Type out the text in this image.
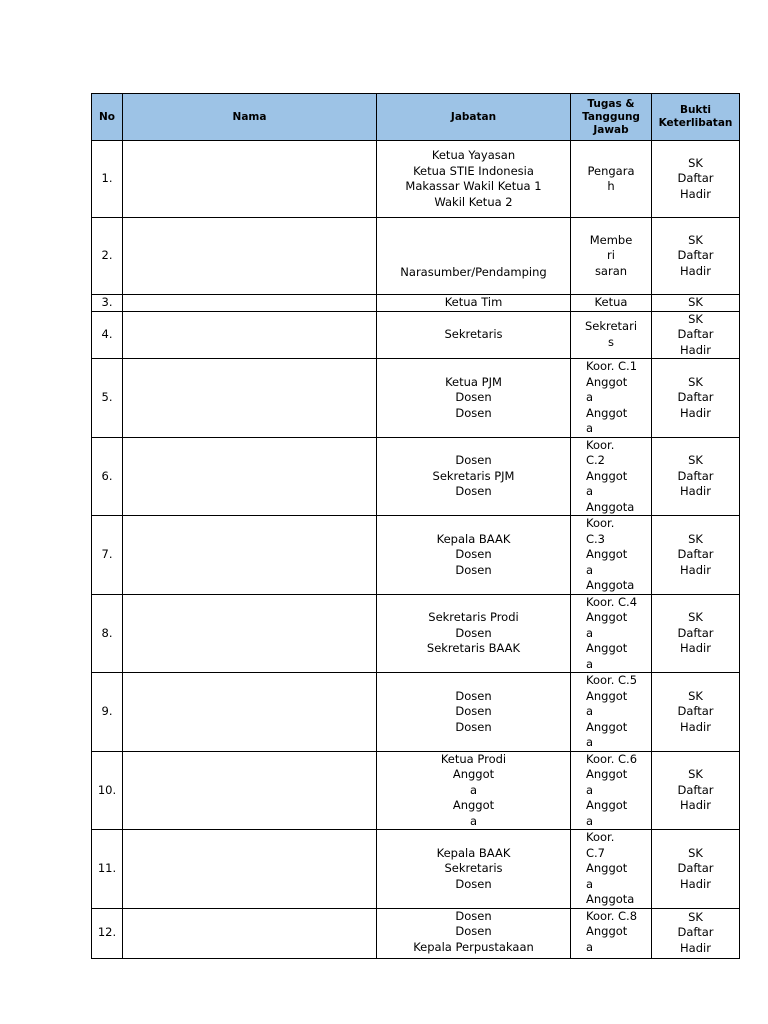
No	Nama	Jabatan	Tugas &
Tanggung
Jawab	Bukti
Keterlibatan
1.		Ketua Yayasan
Ketua STIE Indonesia
Makassar Wakil Ketua 1
Wakil Ketua 2	Pengara
h	SK
Daftar
Hadir
2.		Narasumber/Pendamping	Membe
ri
saran	SK
Daftar
Hadir
3.		Ketua Tim	Ketua	SK
4.		Sekretaris	Sekretari
s	SK
Daftar
Hadir
5.		Ketua PJM
Dosen
Dosen	Koor. C.1
Anggot
a
Anggot
a	SK
Daftar
Hadir
6.		Dosen
Sekretaris PJM
Dosen	Koor.
C.2
Anggot
a
Anggota	SK
Daftar
Hadir
7.		Kepala BAAK
Dosen
Dosen	Koor.
C.3
Anggot
a
Anggota	SK
Daftar
Hadir
8.		Sekretaris Prodi
Dosen
Sekretaris BAAK	Koor. C.4
Anggot
a
Anggot
a	SK
Daftar
Hadir
9.		Dosen
Dosen
Dosen	Koor. C.5
Anggot
a
Anggot
a	SK
Daftar
Hadir
10.		Ketua Prodi
Anggot
a
Anggot
a	Koor. C.6
Anggot
a
Anggot
a	SK
Daftar
Hadir
11.		Kepala BAAK
Sekretaris
Dosen	Koor.
C.7
Anggot
a
Anggota	SK
Daftar
Hadir
12.		Dosen
Dosen
Kepala Perpustakaan	Koor. C.8
Anggot
a	SK
Daftar
Hadir
